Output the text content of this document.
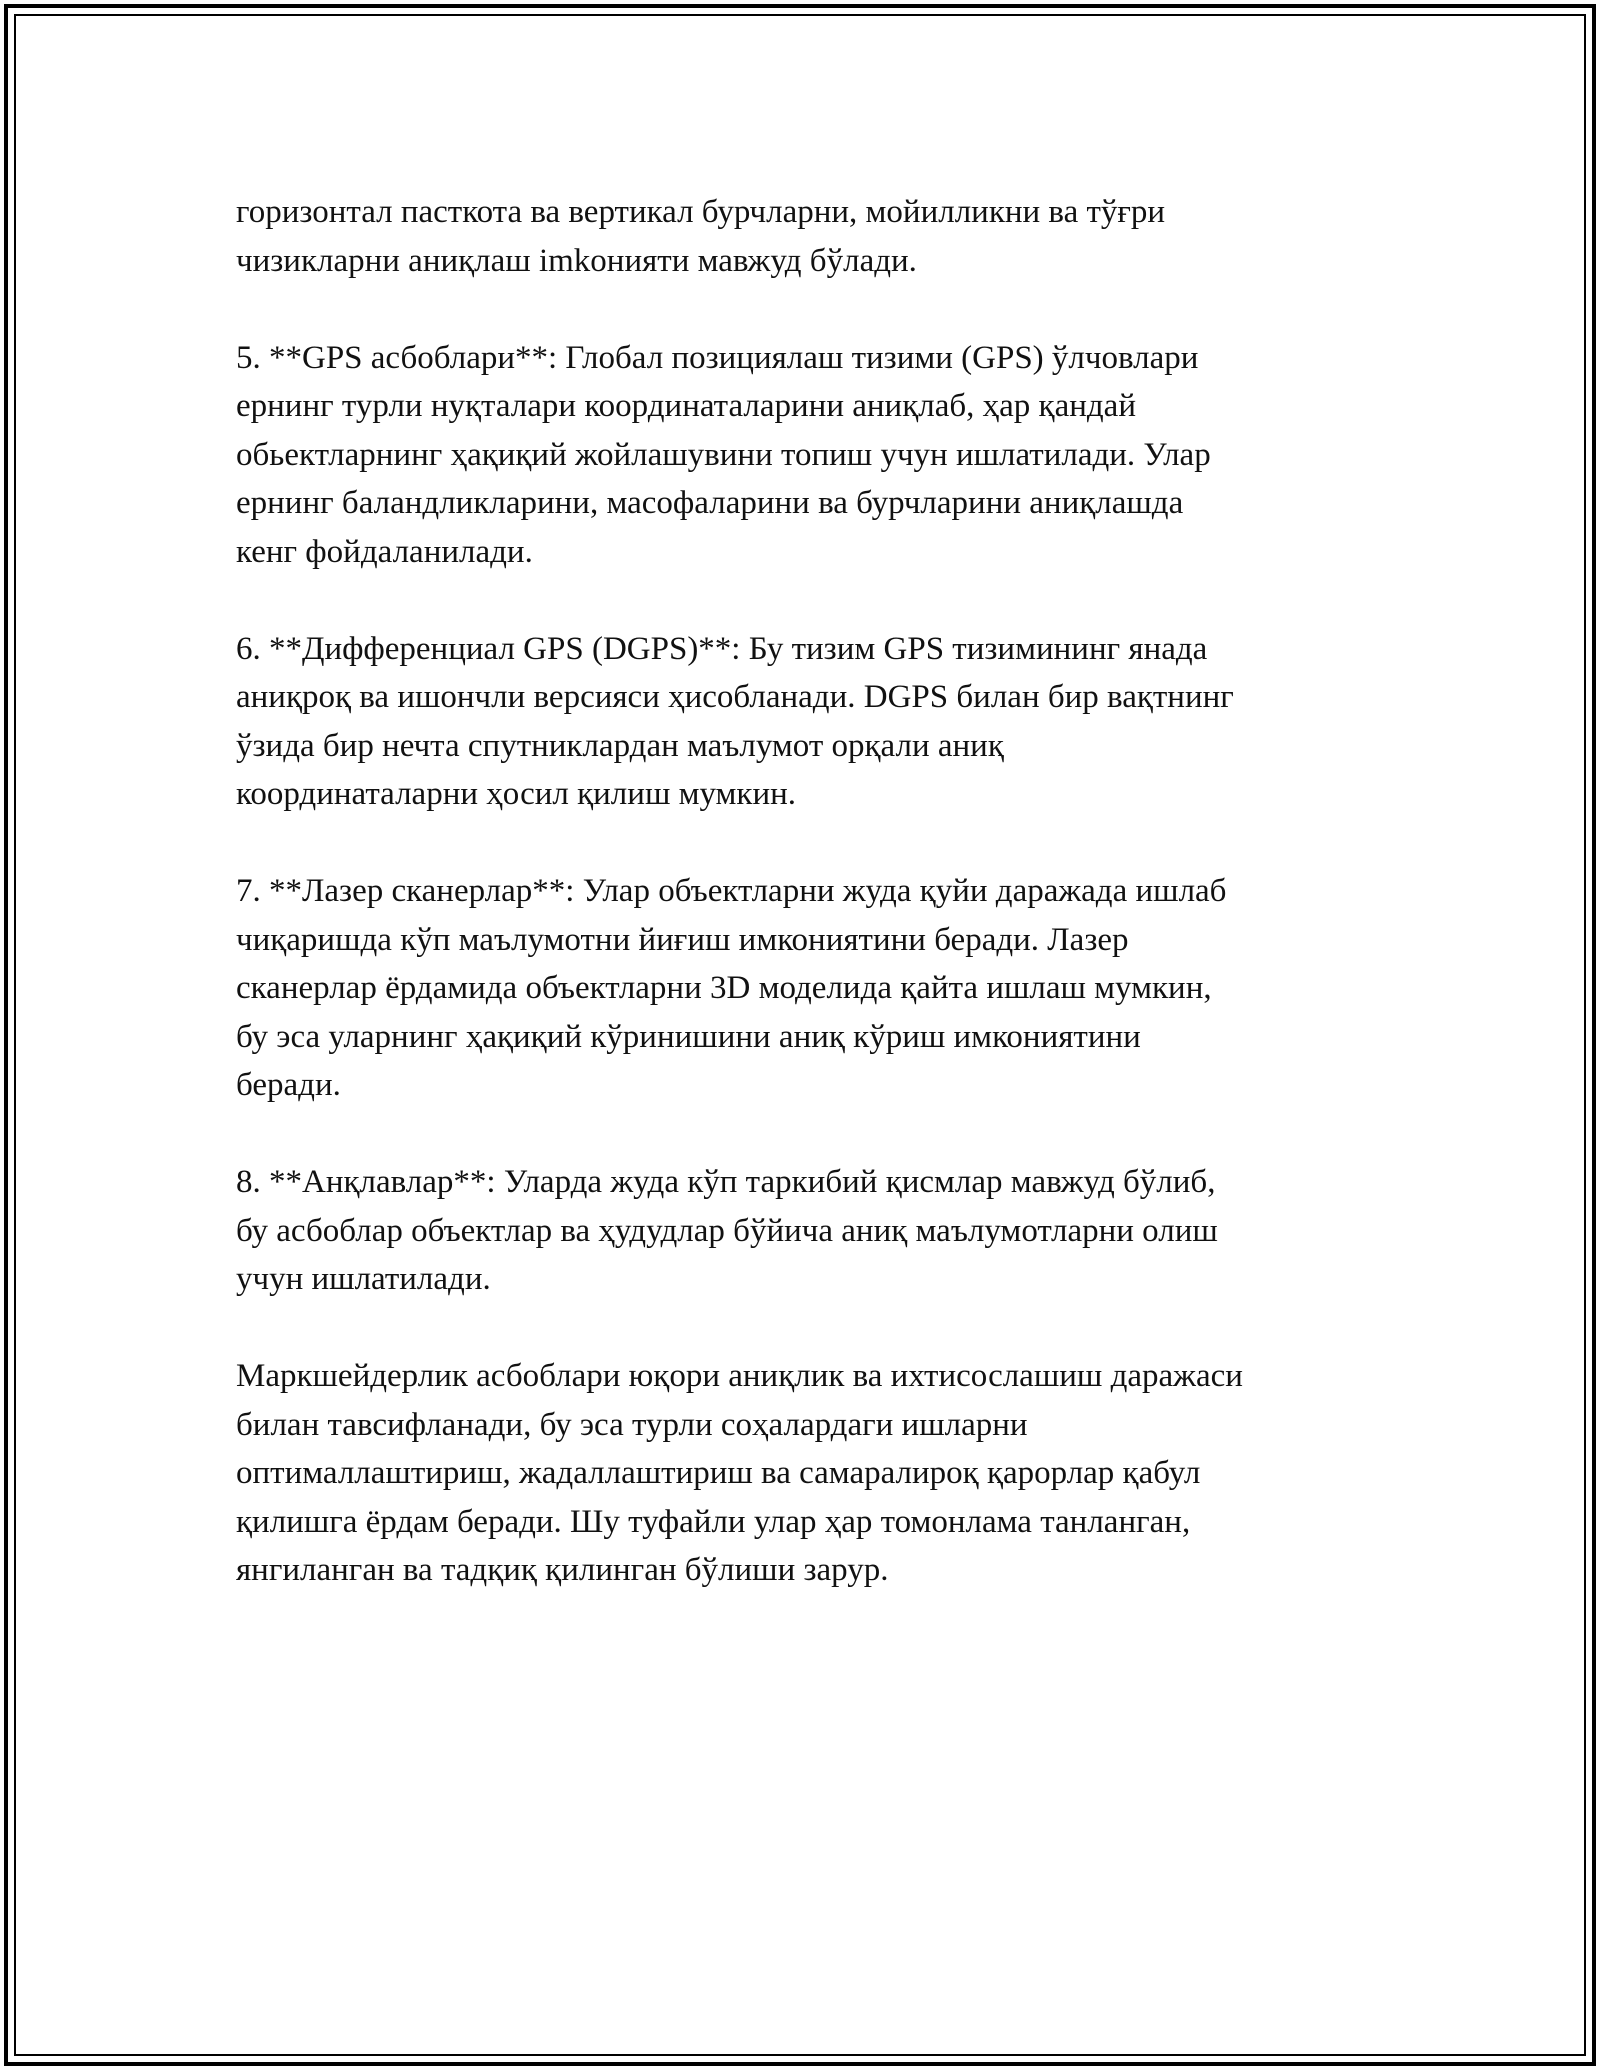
горизонтал пасткота ва вертикал бурчларни, мойилликни ва тўғри
чизикларни аниқлаш imkoнияти мавжуд бўлади.

5. **GPS асбоблари**: Глобал позициялаш тизими (GPS) ўлчовлари
ернинг турли нуқталари координаталарини аниқлаб, ҳар қандай
обьектларнинг ҳақиқий жойлашувини топиш учун ишлатилади. Улар
ернинг баландликларини, масофаларини ва бурчларини аниқлашда
кенг фойдаланилади.

6. **Дифференциал GPS (DGPS)**: Бу тизим GPS тизимининг янада
аниқроқ ва ишончли версияси ҳисобланади. DGPS билан бир вақтнинг
ўзида бир нечта спутниклардан маълумот орқали аниқ
координаталарни ҳосил қилиш мумкин.

7. **Лазер сканерлар**: Улар объектларни жуда қуйи даражада ишлаб
чиқаришда кўп маълумотни йиғиш имкониятини беради. Лазер
сканерлар ёрдамида объектларни 3D моделида қайта ишлаш мумкин,
бу эса уларнинг ҳақиқий кўринишини аниқ кўриш имкониятини
беради.

8. **Анқлавлар**: Уларда жуда кўп таркибий қисмлар мавжуд бўлиб,
бу асбоблар объектлар ва ҳудудлар бўйича аниқ маълумотларни олиш
учун ишлатилади.

Маркшейдерлик асбоблари юқори аниқлик ва ихтисослашиш даражаси
билан тавсифланади, бу эса турли соҳалардаги ишларни
оптималлаштириш, жадаллаштириш ва самаралироқ қарорлар қабул
қилишга ёрдам беради. Шу туфайли улар ҳар томонлама танланган,
янгиланган ва тадқиқ қилинган бўлиши зарур.
